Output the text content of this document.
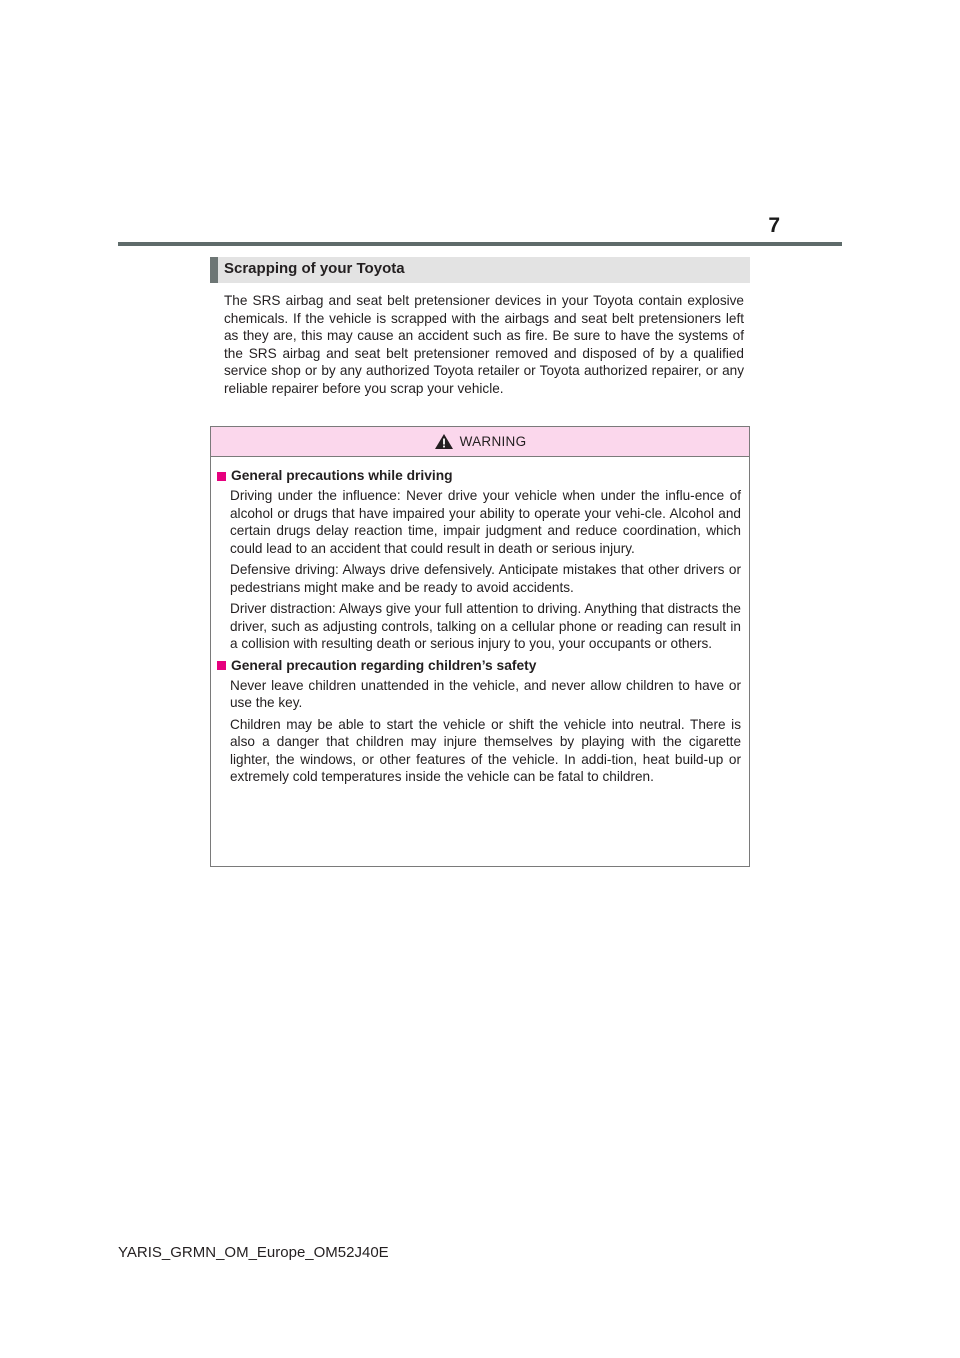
7
Scrapping of your Toyota

The SRS airbag and seat belt pretensioner devices in your Toyota contain explosive chemicals. If the vehicle is scrapped with the airbags and seat belt pretensioners left as they are, this may cause an accident such as fire. Be sure to have the systems of the SRS airbag and seat belt pretensioner removed and disposed of by a qualified service shop or by any authorized Toyota retailer or Toyota authorized repairer, or any reliable repairer before you scrap your vehicle.

WARNING
General precautions while driving

Driving under the influence: Never drive your vehicle when under the influ-ence of alcohol or drugs that have impaired your ability to operate your vehi-cle. Alcohol and certain drugs delay reaction time, impair judgment and reduce coordination, which could lead to an accident that could result in death or serious injury.

Defensive driving: Always drive defensively. Anticipate mistakes that other drivers or pedestrians might make and be ready to avoid accidents.

Driver distraction: Always give your full attention to driving. Anything that distracts the driver, such as adjusting controls, talking on a cellular phone or reading can result in a collision with resulting death or serious injury to you, your occupants or others.

General precaution regarding children’s safety

Never leave children unattended in the vehicle, and never allow children to have or use the key.

Children may be able to start the vehicle or shift the vehicle into neutral. There is also a danger that children may injure themselves by playing with the cigarette lighter, the windows, or other features of the vehicle. In addi-tion, heat build-up or extremely cold temperatures inside the vehicle can be fatal to children.

YARIS_GRMN_OM_Europe_OM52J40E
